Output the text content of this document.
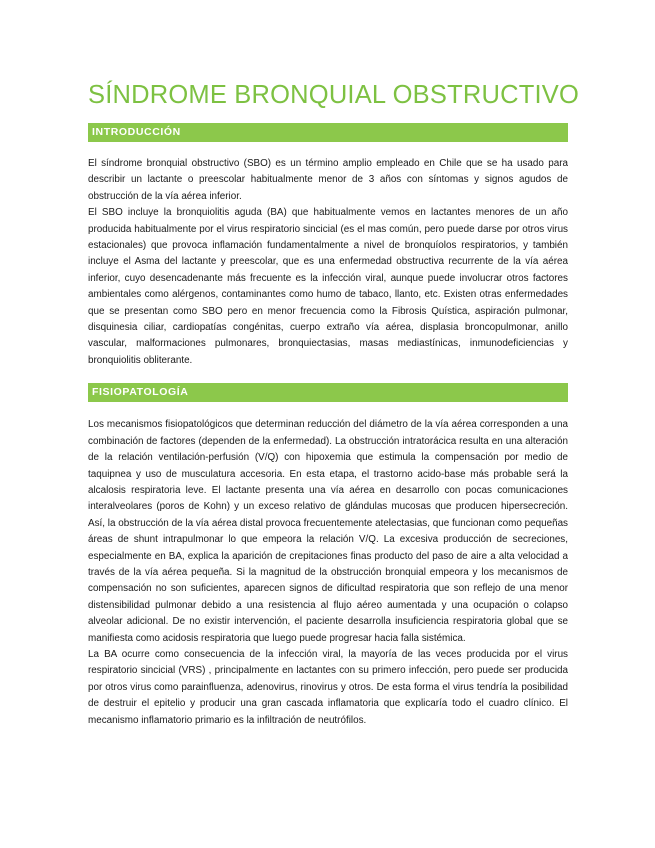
SÍNDROME BRONQUIAL OBSTRUCTIVO
INTRODUCCIÓN

El síndrome bronquial obstructivo (SBO) es un término amplio empleado en Chile que se ha usado para describir un lactante o preescolar habitualmente menor de 3 años con síntomas y signos agudos de obstrucción de la vía aérea inferior.

El SBO incluye la bronquiolitis aguda (BA) que habitualmente vemos en lactantes menores de un año producida habitualmente por el virus respiratorio sincicial (es el mas común, pero puede darse por otros virus estacionales) que provoca inflamación fundamentalmente a nivel de bronquíolos respiratorios, y también incluye el Asma del lactante y preescolar, que es una enfermedad obstructiva recurrente de la vía aérea inferior, cuyo desencadenante más frecuente es la infección viral, aunque puede involucrar otros factores ambientales como alérgenos, contaminantes como humo de tabaco, llanto, etc. Existen otras enfermedades que se presentan como SBO pero en menor frecuencia como la Fibrosis Quística, aspiración pulmonar, disquinesia ciliar, cardiopatías congénitas, cuerpo extraño vía aérea, displasia broncopulmonar, anillo vascular, malformaciones pulmonares, bronquiectasias, masas mediastínicas, inmunodeficiencias y bronquiolitis obliterante.

FISIOPATOLOGÍA

Los mecanismos fisiopatológicos que determinan reducción del diámetro de la vía aérea corresponden a una combinación de factores (dependen de la enfermedad). La obstrucción intratorácica resulta en una alteración de la relación ventilación-perfusión (V/Q) con hipoxemia que estimula la compensación por medio de taquipnea y uso de musculatura accesoria. En esta etapa, el trastorno acido-base más probable será la alcalosis respiratoria leve. El lactante presenta una vía aérea en desarrollo con pocas comunicaciones interalveolares (poros de Kohn) y un exceso relativo de glándulas mucosas que producen hipersecreción. Así, la obstrucción de la vía aérea distal provoca frecuentemente atelectasias, que funcionan como pequeñas áreas de shunt intrapulmonar lo que empeora la relación V/Q. La excesiva producción de secreciones, especialmente en BA, explica la aparición de crepitaciones finas producto del paso de aire a alta velocidad a través de la vía aérea pequeña. Si la magnitud de la obstrucción bronquial empeora y los mecanismos de compensación no son suficientes, aparecen signos de dificultad respiratoria que son reflejo de una menor distensibilidad pulmonar debido a una resistencia al flujo aéreo aumentada y una ocupación o colapso alveolar adicional. De no existir intervención, el paciente desarrolla insuficiencia respiratoria global que se manifiesta como acidosis respiratoria que luego puede progresar hacia falla sistémica.

La BA ocurre como consecuencia de la infección viral, la mayoría de las veces producida por el virus respiratorio sincicial (VRS) , principalmente en lactantes con su primero infección, pero puede ser producida por otros virus como parainfluenza, adenovirus, rinovirus y otros. De esta forma el virus tendría la posibilidad de destruir el epitelio y producir una gran cascada inflamatoria que explicaría todo el cuadro clínico. El mecanismo inflamatorio primario es la infiltración de neutrófilos.
